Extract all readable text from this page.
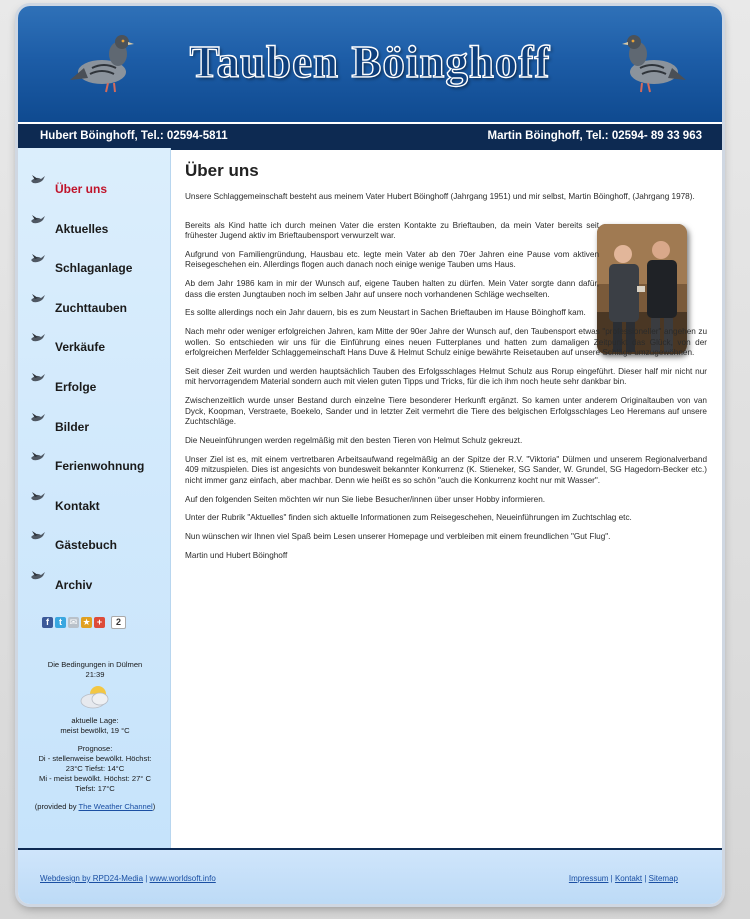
Tauben Böinghoff
Hubert Böinghoff, Tel.: 02594-5811	Martin Böinghoff, Tel.: 02594- 89 33 963
Über uns
Aktuelles
Schlaganlage
Zuchttauben
Verkäufe
Erfolge
Bilder
Ferienwohnung
Kontakt
Gästebuch
Archiv
f t ✉ ★ + 2
Die Bedingungen in Dülmen
21:39
aktuelle Lage:
meist bewölkt, 19 °C
Prognose:
Di - stellenweise bewölkt. Höchst: 23°C Tiefst: 14°C
Mi - meist bewölkt. Höchst: 27° C Tiefst: 17°C
(provided by The Weather Channel)
Über uns

Unsere Schlaggemeinschaft besteht aus meinem Vater Hubert Böinghoff (Jahrgang 1951) und mir selbst, Martin Böinghoff, (Jahrgang 1978).

Bereits als Kind hatte ich durch meinen Vater die ersten Kontakte zu Brieftauben, da mein Vater bereits seit frühester Jugend aktiv im Brieftaubensport verwurzelt war.

Aufgrund von Familiengründung, Hausbau etc. legte mein Vater ab den 70er Jahren eine Pause vom aktiven Reisegeschehen ein. Allerdings flogen auch danach noch einige wenige Tauben ums Haus.

Ab dem Jahr 1986 kam in mir der Wunsch auf, eigene Tauben halten zu dürfen. Mein Vater sorgte dann dafür, dass die ersten Jungtauben noch im selben Jahr auf unsere noch vorhandenen Schläge wechselten.

Es sollte allerdings noch ein Jahr dauern, bis es zum Neustart in Sachen Brieftauben im Hause Böinghoff kam.

Nach mehr oder weniger erfolgreichen Jahren, kam Mitte der 90er Jahre der Wunsch auf, den Taubensport etwas "professioneller" angehen zu wollen. So entschieden wir uns für die Einführung eines neuen Futterplanes und hatten zum damaligen Zeitpunkt das Glück, von der erfolgreichen Merfelder Schlaggemeinschaft Hans Duve & Helmut Schulz einige bewährte Reisetauben auf unsere Schläge umzugewöhnen.

Seit dieser Zeit wurden und werden hauptsächlich Tauben des Erfolgsschlages Helmut Schulz aus Rorup eingeführt. Dieser half mir nicht nur mit hervorragendem Material sondern auch mit vielen guten Tipps und Tricks, für die ich ihm noch heute sehr dankbar bin.

Zwischenzeitlich wurde unser Bestand durch einzelne Tiere besonderer Herkunft ergänzt. So kamen unter anderem Originaltauben von van Dyck, Koopman, Verstraete, Boekelo, Sander und in letzter Zeit vermehrt die Tiere des belgischen Erfolgsschlages Leo Heremans auf unsere Zuchtschläge.

Die Neueinführungen werden regelmäßig mit den besten Tieren von Helmut Schulz gekreuzt.

Unser Ziel ist es, mit einem vertretbaren Arbeitsaufwand regelmäßig an der Spitze der R.V. "Viktoria" Dülmen und unserem Regionalverband 409 mitzuspielen. Dies ist angesichts von bundesweit bekannter Konkurrenz (K. Stieneker, SG Sander, W. Grundel, SG Hagedorn-Becker etc.) nicht immer ganz einfach, aber machbar. Denn wie heißt es so schön "auch die Konkurrenz kocht nur mit Wasser".

Auf den folgenden Seiten möchten wir nun Sie liebe Besucher/innen über unser Hobby informieren.

Unter der Rubrik "Aktuelles" finden sich aktuelle Informationen zum Reisegeschehen, Neueinführungen im Zuchtschlag etc.

Nun wünschen wir Ihnen viel Spaß beim Lesen unserer Homepage und verbleiben mit einem freundlichen "Gut Flug".

Martin und Hubert Böinghoff

Webdesign by RPD24-Media | www.worldsoft.info	Impressum | Kontakt | Sitemap
